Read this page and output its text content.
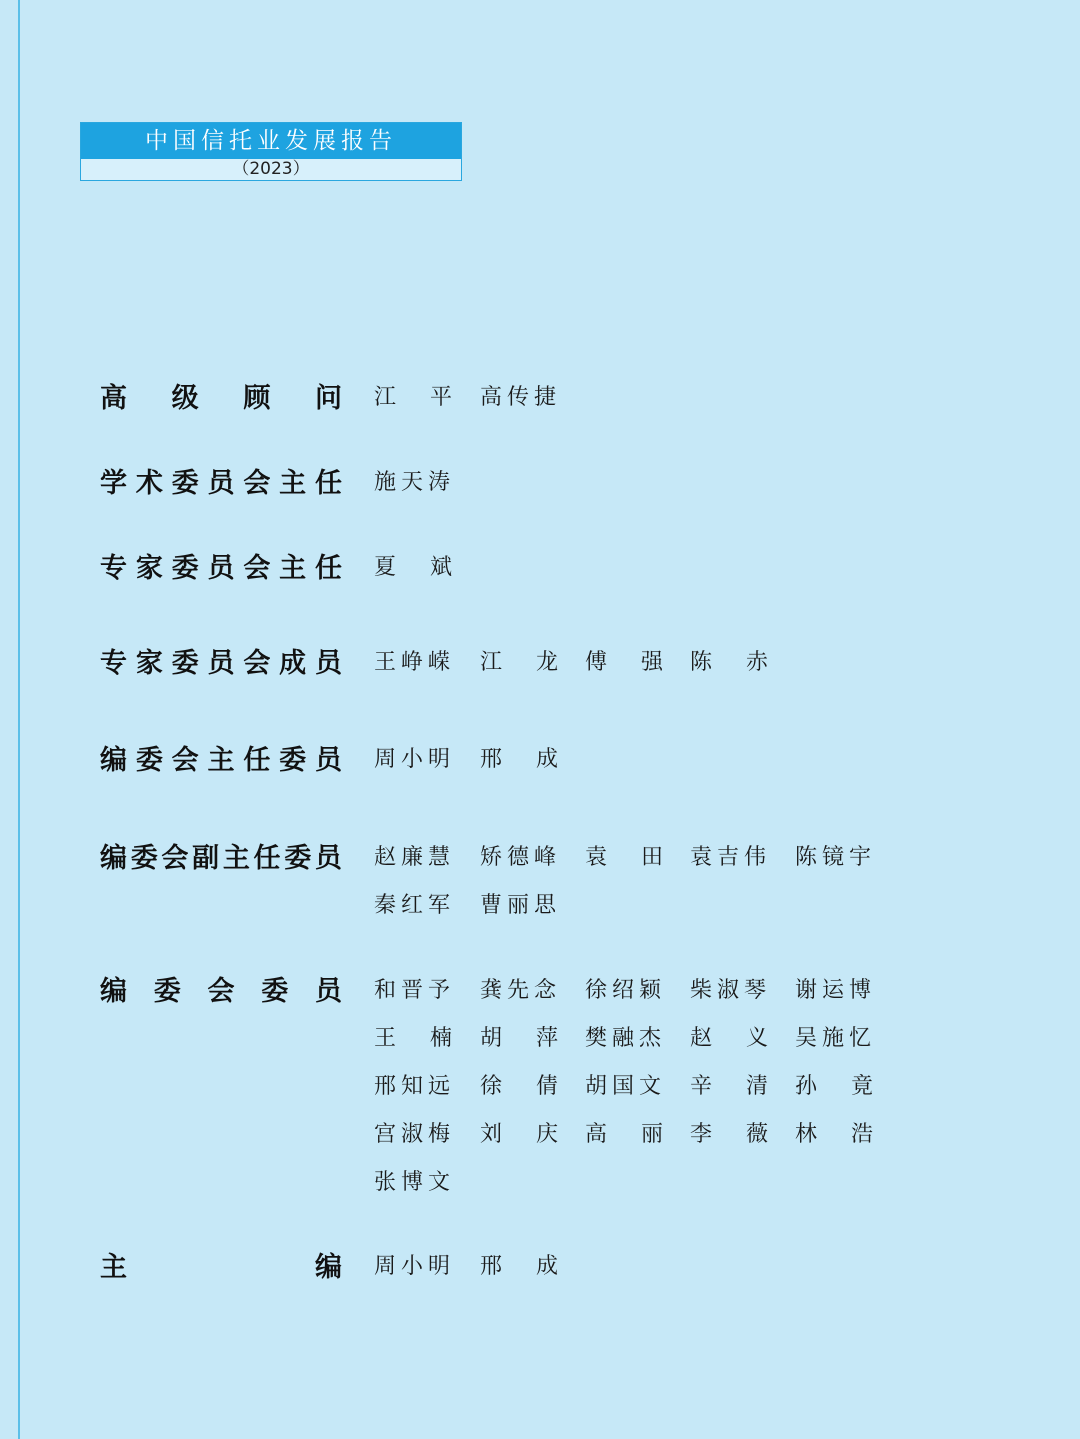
中国信托业发展报告
（2023）
高 级 顾 问 江 平 高 传 捷
学 术 委 员 会 主 任 施 天 涛
专 家 委 员 会 主 任 夏 斌
专 家 委 员 会 成 员 王 峥 嵘 江 龙 傅 强 陈 赤
编 委 会 主 任 委 员 周 小 明 邢 成
编 委 会 副 主 任 委 员 赵 廉 慧 矫 德 峰 袁 田 袁 吉 伟 陈 镜 宇
秦 红 军 曹 丽 思
编 委 会 委 员 和 晋 予 龚 先 念 徐 绍 颖 柴 淑 琴 谢 运 博
王 楠 胡 萍 樊 融 杰 赵 义 吴 施 忆
邢 知 远 徐 倩 胡 国 文 辛 清 孙 竟
宫 淑 梅 刘 庆 高 丽 李 薇 林 浩
张 博 文
主	编 周 小 明 邢 成
